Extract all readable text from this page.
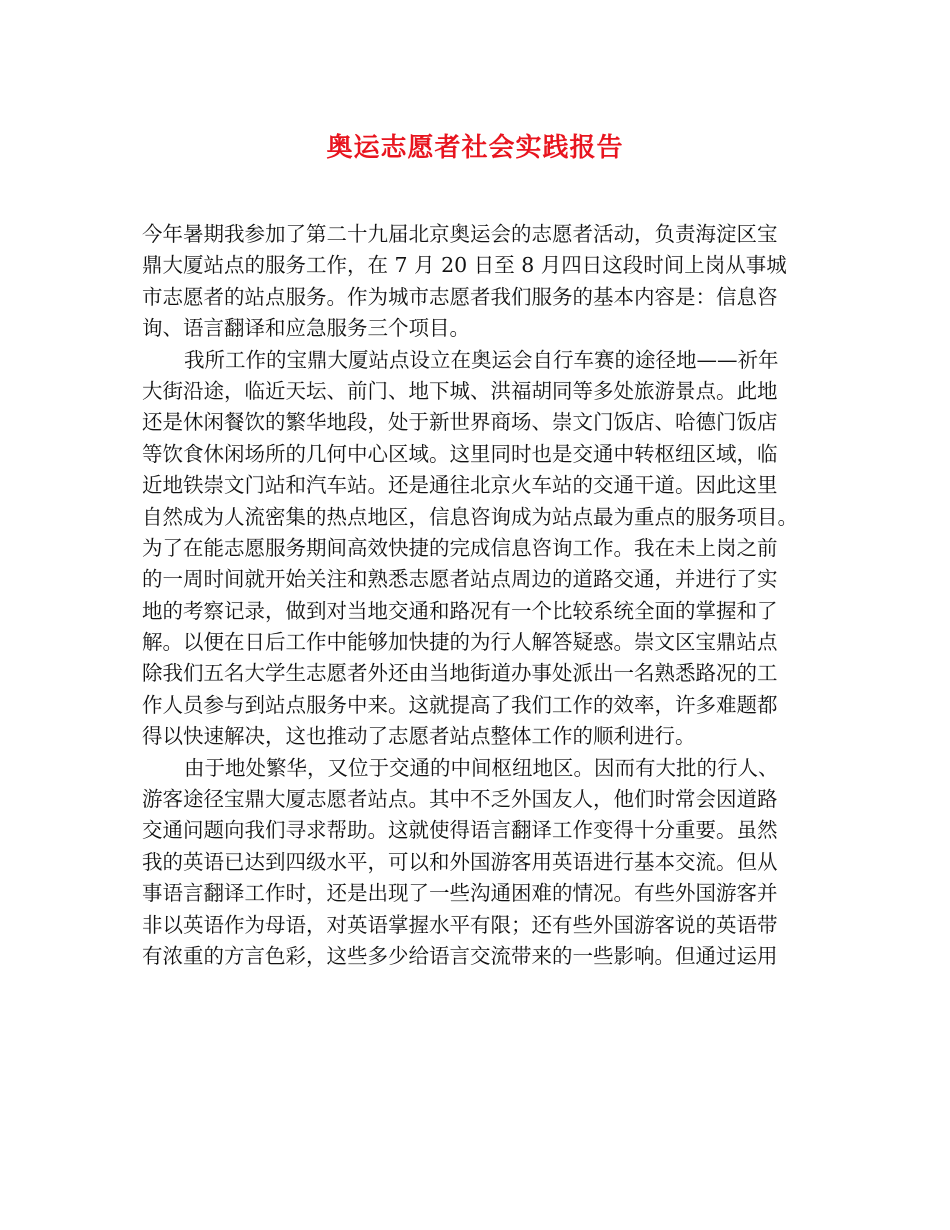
奥运志愿者社会实践报告
今年暑期我参加了第二十九届北京奥运会的志愿者活动，负责海淀区宝
鼎大厦站点的服务工作，在 7 月 20 日至 8 月四日这段时间上岗从事城
市志愿者的站点服务。作为城市志愿者我们服务的基本内容是：信息咨
询、语言翻译和应急服务三个项目。
我所工作的宝鼎大厦站点设立在奥运会自行车赛的途径地——祈年
大街沿途，临近天坛、前门、地下城、洪福胡同等多处旅游景点。此地
还是休闲餐饮的繁华地段，处于新世界商场、崇文门饭店、哈德门饭店
等饮食休闲场所的几何中心区域。这里同时也是交通中转枢纽区域，临
近地铁崇文门站和汽车站。还是通往北京火车站的交通干道。因此这里
自然成为人流密集的热点地区，信息咨询成为站点最为重点的服务项目。
为了在能志愿服务期间高效快捷的完成信息咨询工作。我在未上岗之前
的一周时间就开始关注和熟悉志愿者站点周边的道路交通，并进行了实
地的考察记录，做到对当地交通和路况有一个比较系统全面的掌握和了
解。以便在日后工作中能够加快捷的为行人解答疑惑。崇文区宝鼎站点
除我们五名大学生志愿者外还由当地街道办事处派出一名熟悉路况的工
作人员参与到站点服务中来。这就提高了我们工作的效率，许多难题都
得以快速解决，这也推动了志愿者站点整体工作的顺利进行。
由于地处繁华，又位于交通的中间枢纽地区。因而有大批的行人、
游客途径宝鼎大厦志愿者站点。其中不乏外国友人，他们时常会因道路
交通问题向我们寻求帮助。这就使得语言翻译工作变得十分重要。虽然
我的英语已达到四级水平，可以和外国游客用英语进行基本交流。但从
事语言翻译工作时，还是出现了一些沟通困难的情况。有些外国游客并
非以英语作为母语，对英语掌握水平有限；还有些外国游客说的英语带
有浓重的方言色彩，这些多少给语言交流带来的一些影响。但通过运用
